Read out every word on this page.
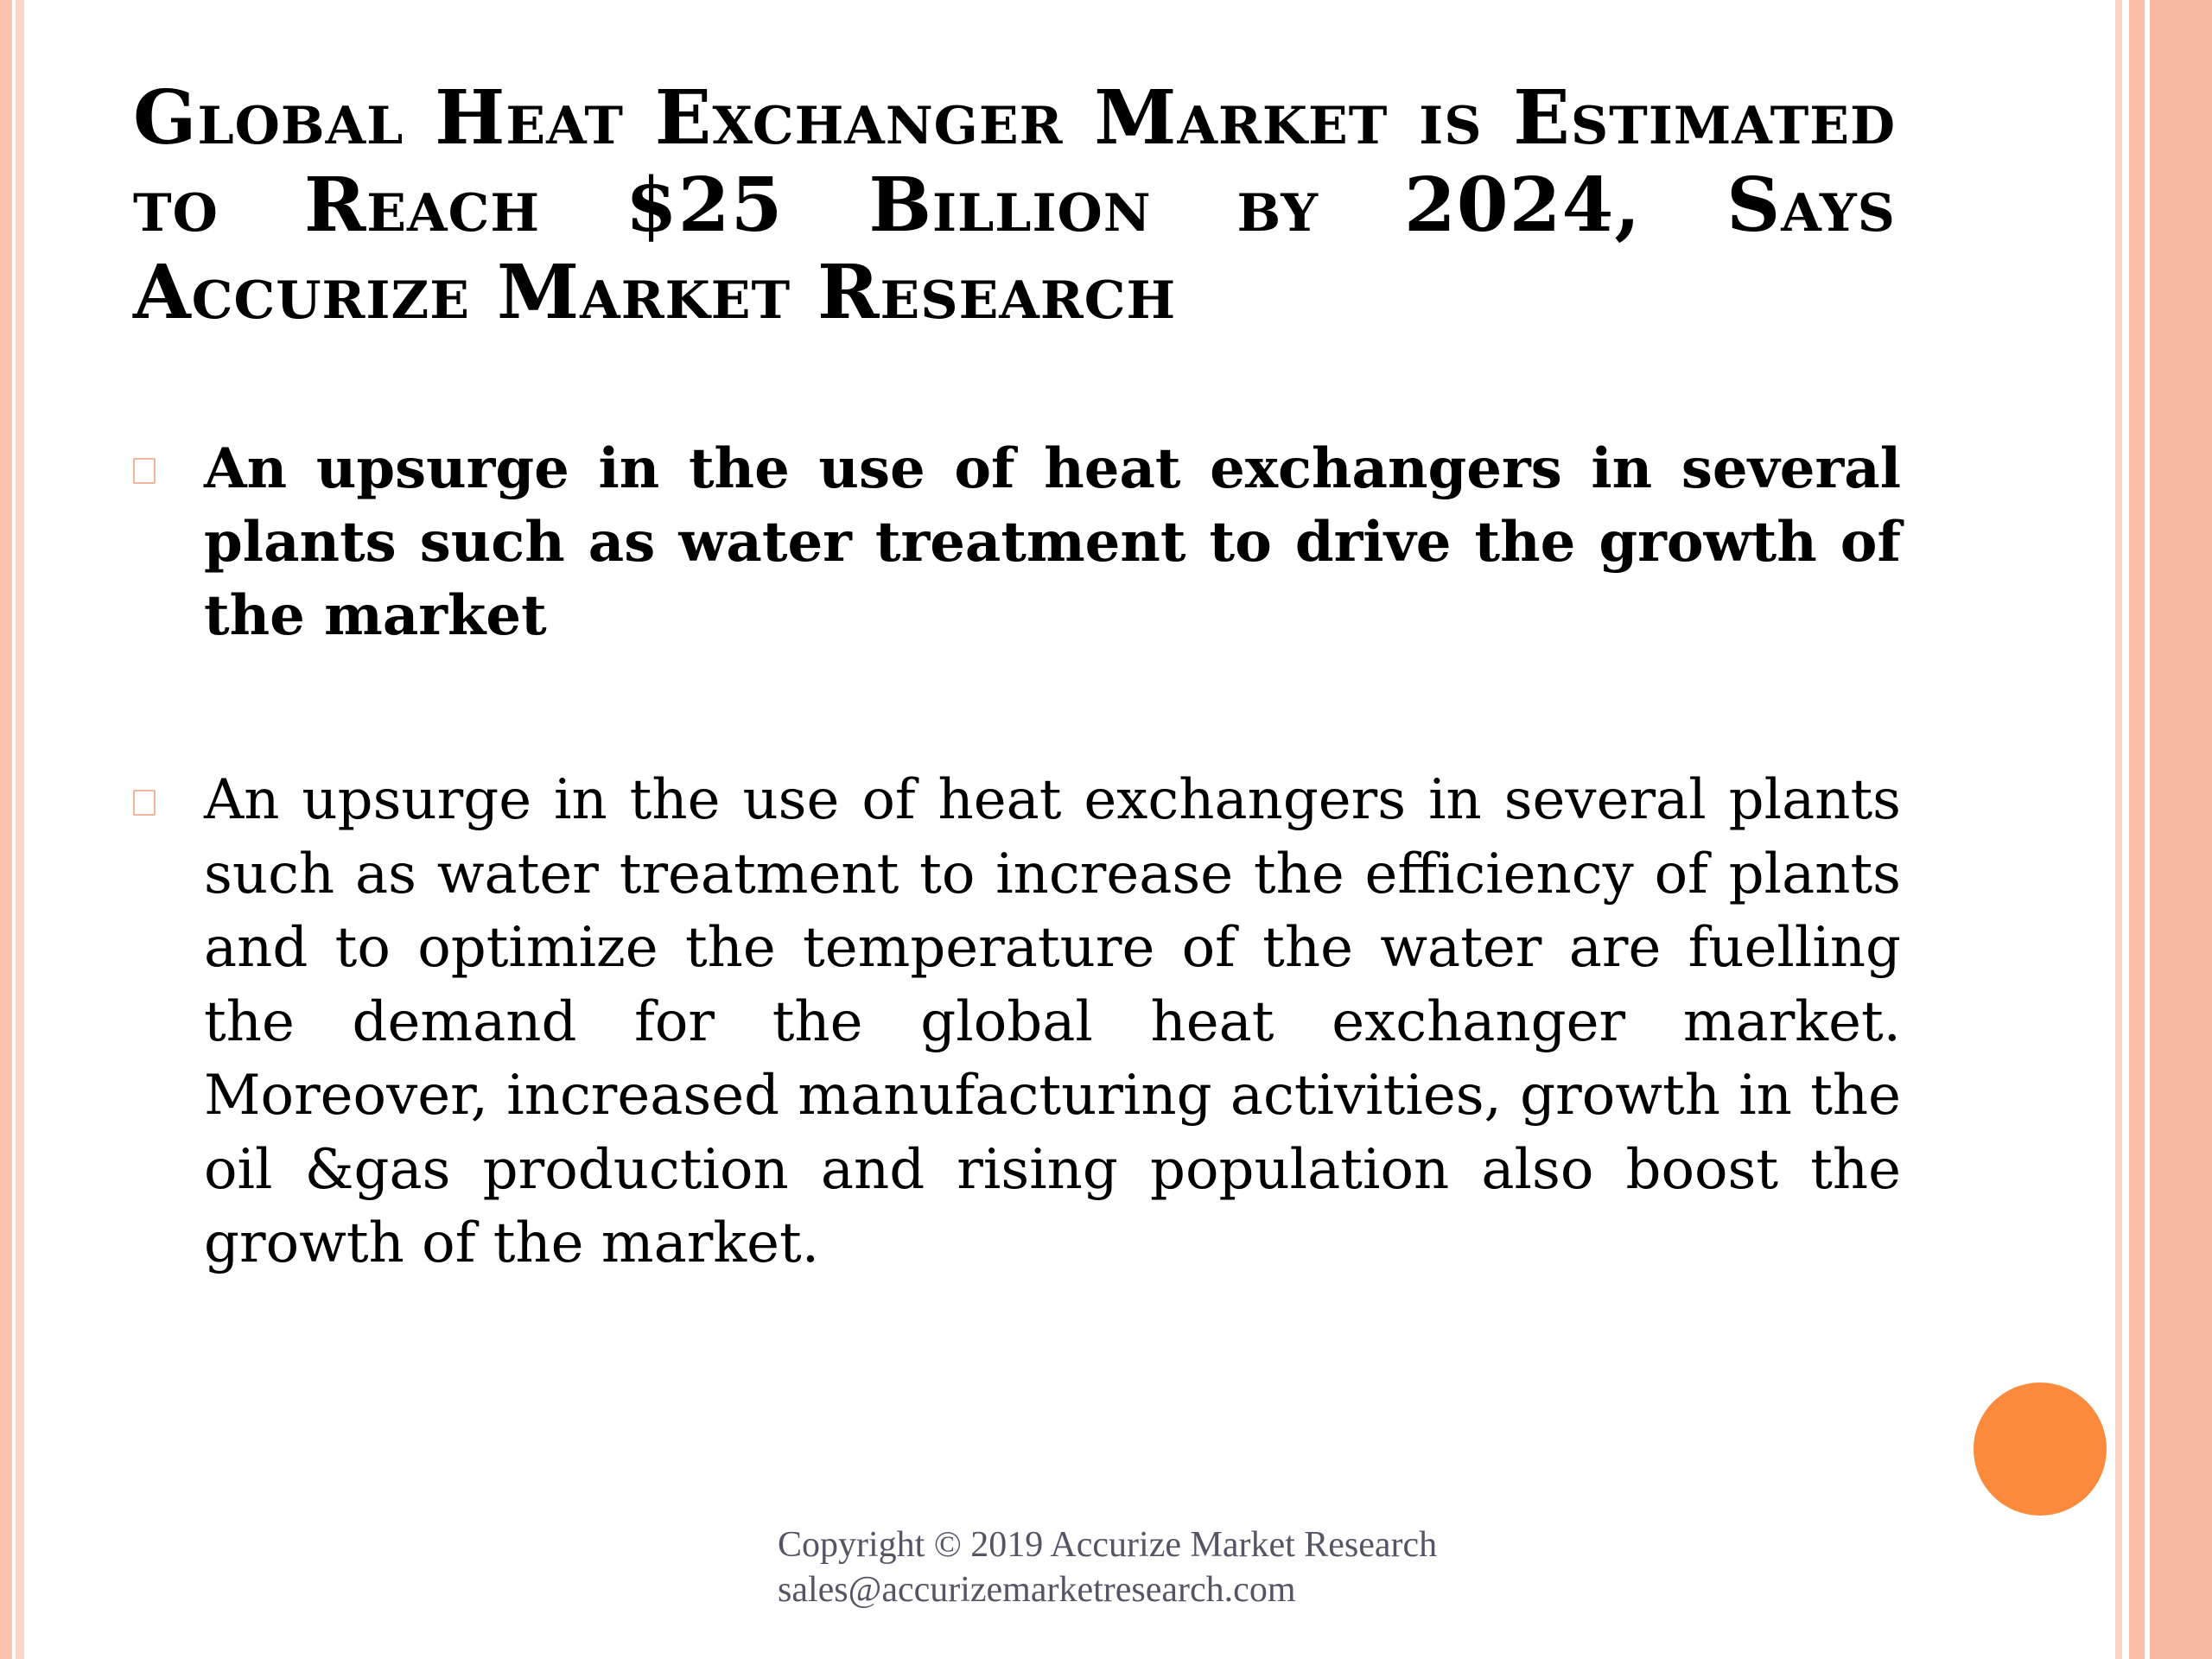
Global Heat Exchanger Market is Estimated to Reach $25 Billion by 2024, Says Accurize Market Research
An upsurge in the use of heat exchangers in several plants such as water treatment to drive the growth of the market
An upsurge in the use of heat exchangers in several plants such as water treatment to increase the efficiency of plants and to optimize the temperature of the water are fuelling the demand for the global heat exchanger market. Moreover, increased manufacturing activities, growth in the oil &gas production and rising population also boost the growth of the market.
Copyright © 2019 Accurize Market Research
sales@accurizemarketresearch.com
